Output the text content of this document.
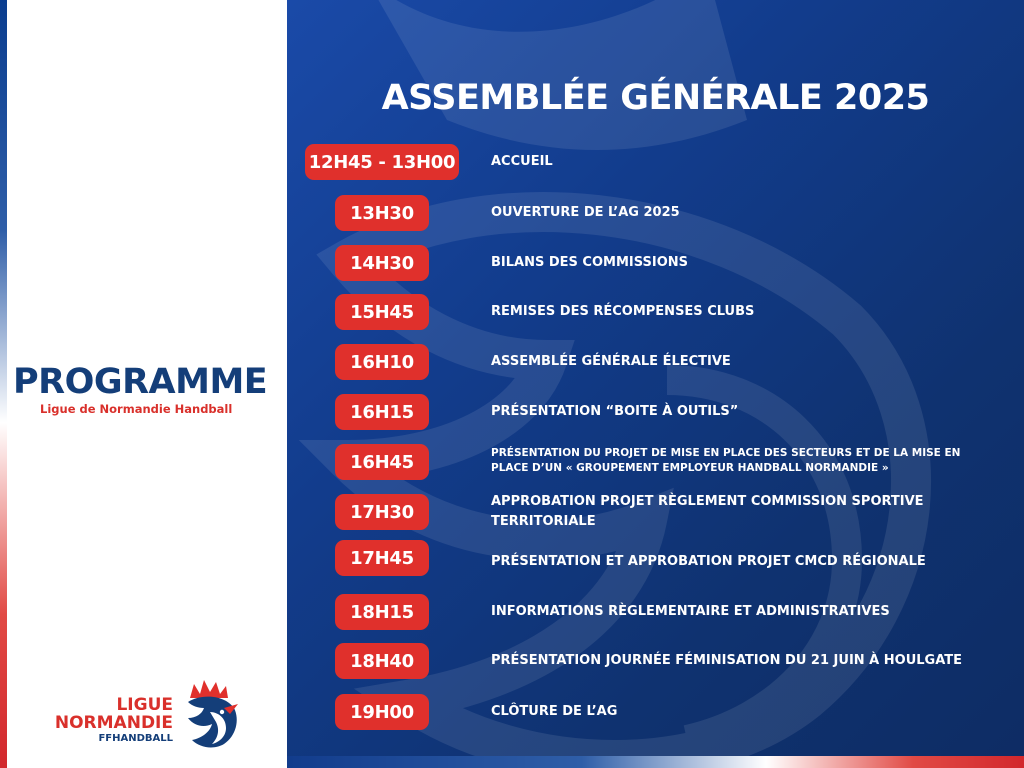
PROGRAMME
Ligue de Normandie Handball
LIGUE
NORMANDIE
FFHANDBALL
ASSEMBLÉE GÉNÉRALE 2025
12H45 - 13H00	ACCUEIL
13H30	OUVERTURE DE L’AG 2025
14H30	BILANS DES COMMISSIONS
15H45	REMISES DES RÉCOMPENSES CLUBS
16H10	ASSEMBLÉE GÉNÉRALE ÉLECTIVE
16H15	PRÉSENTATION “BOITE À OUTILS”
16H45	PRÉSENTATION DU PROJET DE MISE EN PLACE DES SECTEURS ET DE LA MISE EN PLACE D’UN « GROUPEMENT EMPLOYEUR HANDBALL NORMANDIE »
17H30	APPROBATION PROJET RÈGLEMENT COMMISSION SPORTIVE TERRITORIALE
17H45	PRÉSENTATION ET APPROBATION PROJET CMCD RÉGIONALE
18H15	INFORMATIONS RÈGLEMENTAIRE ET ADMINISTRATIVES
18H40	PRÉSENTATION JOURNÉE FÉMINISATION DU 21 JUIN À HOULGATE
19H00	CLÔTURE DE L’AG
